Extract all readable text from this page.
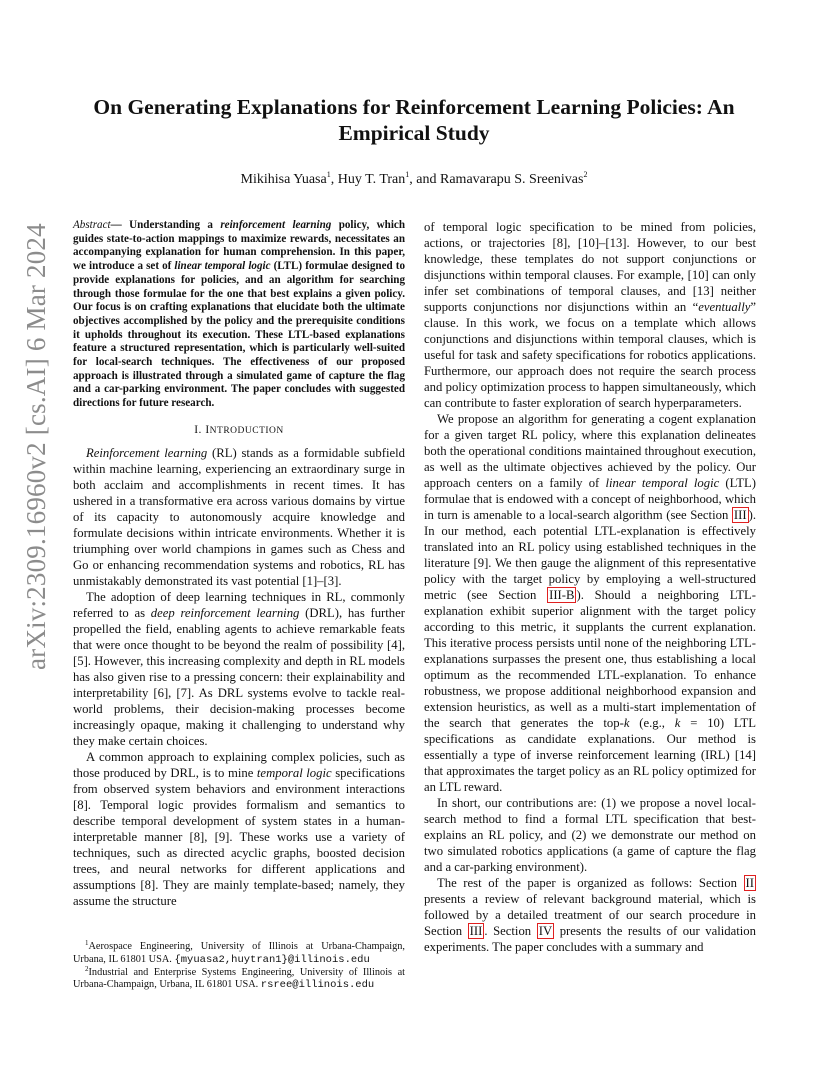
arXiv:2309.16960v2 [cs.AI] 6 Mar 2024
On Generating Explanations for Reinforcement Learning Policies: An Empirical Study
Mikihisa Yuasa$^1$, Huy T. Tran$^1$, and Ramavarapu S. Sreenivas$^2$
Abstract— Understanding a reinforcement learning policy, which guides state-to-action mappings to maximize rewards, necessitates an accompanying explanation for human comprehension. In this paper, we introduce a set of linear temporal logic (LTL) formulae designed to provide explanations for policies, and an algorithm for searching through those formulae for the one that best explains a given policy. Our focus is on crafting explanations that elucidate both the ultimate objectives accomplished by the policy and the prerequisite conditions it upholds throughout its execution. These LTL-based explanations feature a structured representation, which is particularly well-suited for local-search techniques. The effectiveness of our proposed approach is illustrated through a simulated game of capture the flag and a car-parking environment. The paper concludes with suggested directions for future research.
I. INTRODUCTION

Reinforcement learning (RL) stands as a formidable subfield within machine learning, experiencing an extraordinary surge in both acclaim and accomplishments in recent times. It has ushered in a transformative era across various domains by virtue of its capacity to autonomously acquire knowledge and formulate decisions within intricate environments. Whether it is triumphing over world champions in games such as Chess and Go or enhancing recommendation systems and robotics, RL has unmistakably demonstrated its vast potential [1]–[3].

The adoption of deep learning techniques in RL, commonly referred to as deep reinforcement learning (DRL), has further propelled the field, enabling agents to achieve remarkable feats that were once thought to be beyond the realm of possibility [4], [5]. However, this increasing complexity and depth in RL models has also given rise to a pressing concern: their explainability and interpretability [6], [7]. As DRL systems evolve to tackle real-world problems, their decision-making processes become increasingly opaque, making it challenging to understand why they make certain choices.

A common approach to explaining complex policies, such as those produced by DRL, is to mine temporal logic specifications from observed system behaviors and environment interactions [8]. Temporal logic provides formalism and semantics to describe temporal development of system states in a human-interpretable manner [8], [9]. These works use a variety of techniques, such as directed acyclic graphs, boosted decision trees, and neural networks for different applications and assumptions [8]. They are mainly template-based; namely, they assume the structure

$^1$Aerospace Engineering, University of Illinois at Urbana-Champaign, Urbana, IL 61801 USA. {myuasa2,huytran1}@illinois.edu

$^2$Industrial and Enterprise Systems Engineering, University of Illinois at Urbana-Champaign, Urbana, IL 61801 USA. rsree@illinois.edu

of temporal logic specification to be mined from policies, actions, or trajectories [8], [10]–[13]. However, to our best knowledge, these templates do not support conjunctions or disjunctions within temporal clauses. For example, [10] can only infer set combinations of temporal clauses, and [13] neither supports conjunctions nor disjunctions within an “eventually” clause. In this work, we focus on a template which allows conjunctions and disjunctions within temporal clauses, which is useful for task and safety specifications for robotics applications. Furthermore, our approach does not require the search process and policy optimization process to happen simultaneously, which can contribute to faster exploration of search hyperparameters.

We propose an algorithm for generating a cogent explanation for a given target RL policy, where this explanation delineates both the operational conditions maintained throughout execution, as well as the ultimate objectives achieved by the policy. Our approach centers on a family of linear temporal logic (LTL) formulae that is endowed with a concept of neighborhood, which in turn is amenable to a local-search algorithm (see Section III ). In our method, each potential LTL-explanation is effectively translated into an RL policy using established techniques in the literature [9]. We then gauge the alignment of this representative policy with the target policy by employing a well-structured metric (see Section III-B ). Should a neighboring LTL-explanation exhibit superior alignment with the target policy according to this metric, it supplants the current explanation. This iterative process persists until none of the neighboring LTL-explanations surpasses the present one, thus establishing a local optimum as the recommended LTL-explanation. To enhance robustness, we propose additional neighborhood expansion and extension heuristics, as well as a multi-start implementation of the search that generates the top-k (e.g., k = 10) LTL specifications as candidate explanations. Our method is essentially a type of inverse reinforcement learning (IRL) [14] that approximates the target policy as an RL policy optimized for an LTL reward.

In short, our contributions are: (1) we propose a novel local-search method to find a formal LTL specification that best-explains an RL policy, and (2) we demonstrate our method on two simulated robotics applications (a game of capture the flag and a car-parking environment).

The rest of the paper is organized as follows: Section II presents a review of relevant background material, which is followed by a detailed treatment of our search procedure in Section III . Section IV presents the results of our validation experiments. The paper concludes with a summary and
